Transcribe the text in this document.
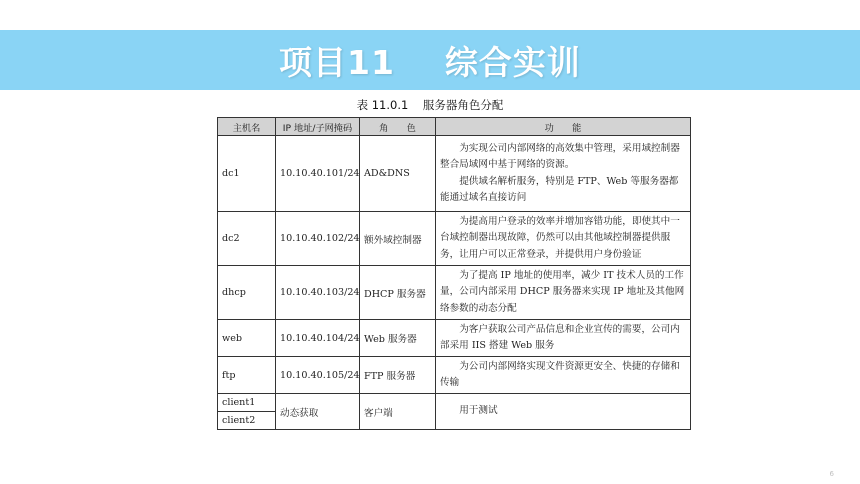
项目11    综合实训
表 11.0.1    服务器角色分配
主机名	IP 地址/子网掩码	角　　色	功　　能
dc1	10.10.40.101/24	AD&DNS	为实现公司内部网络的高效集中管理，采用域控制器整合局域网中基于网络的资源。

提供域名解析服务，特别是 FTP、Web 等服务器都能通过域名直接访问

dc2	10.10.40.102/24	额外域控制器	为提高用户登录的效率并增加容错功能，即使其中一台域控制器出现故障，仍然可以由其他域控制器提供服务，让用户可以正常登录，并提供用户身份验证

dhcp	10.10.40.103/24	DHCP 服务器	为了提高 IP 地址的使用率，减少 IT 技术人员的工作量，公司内部采用 DHCP 服务器来实现 IP 地址及其他网络参数的动态分配

web	10.10.40.104/24	Web 服务器	为客户获取公司产品信息和企业宣传的需要，公司内部采用 IIS 搭建 Web 服务

ftp	10.10.40.105/24	FTP 服务器	为公司内部网络实现文件资源更安全、快捷的存储和传输

client1	动态获取	客户端	用于测试

client2			
6
